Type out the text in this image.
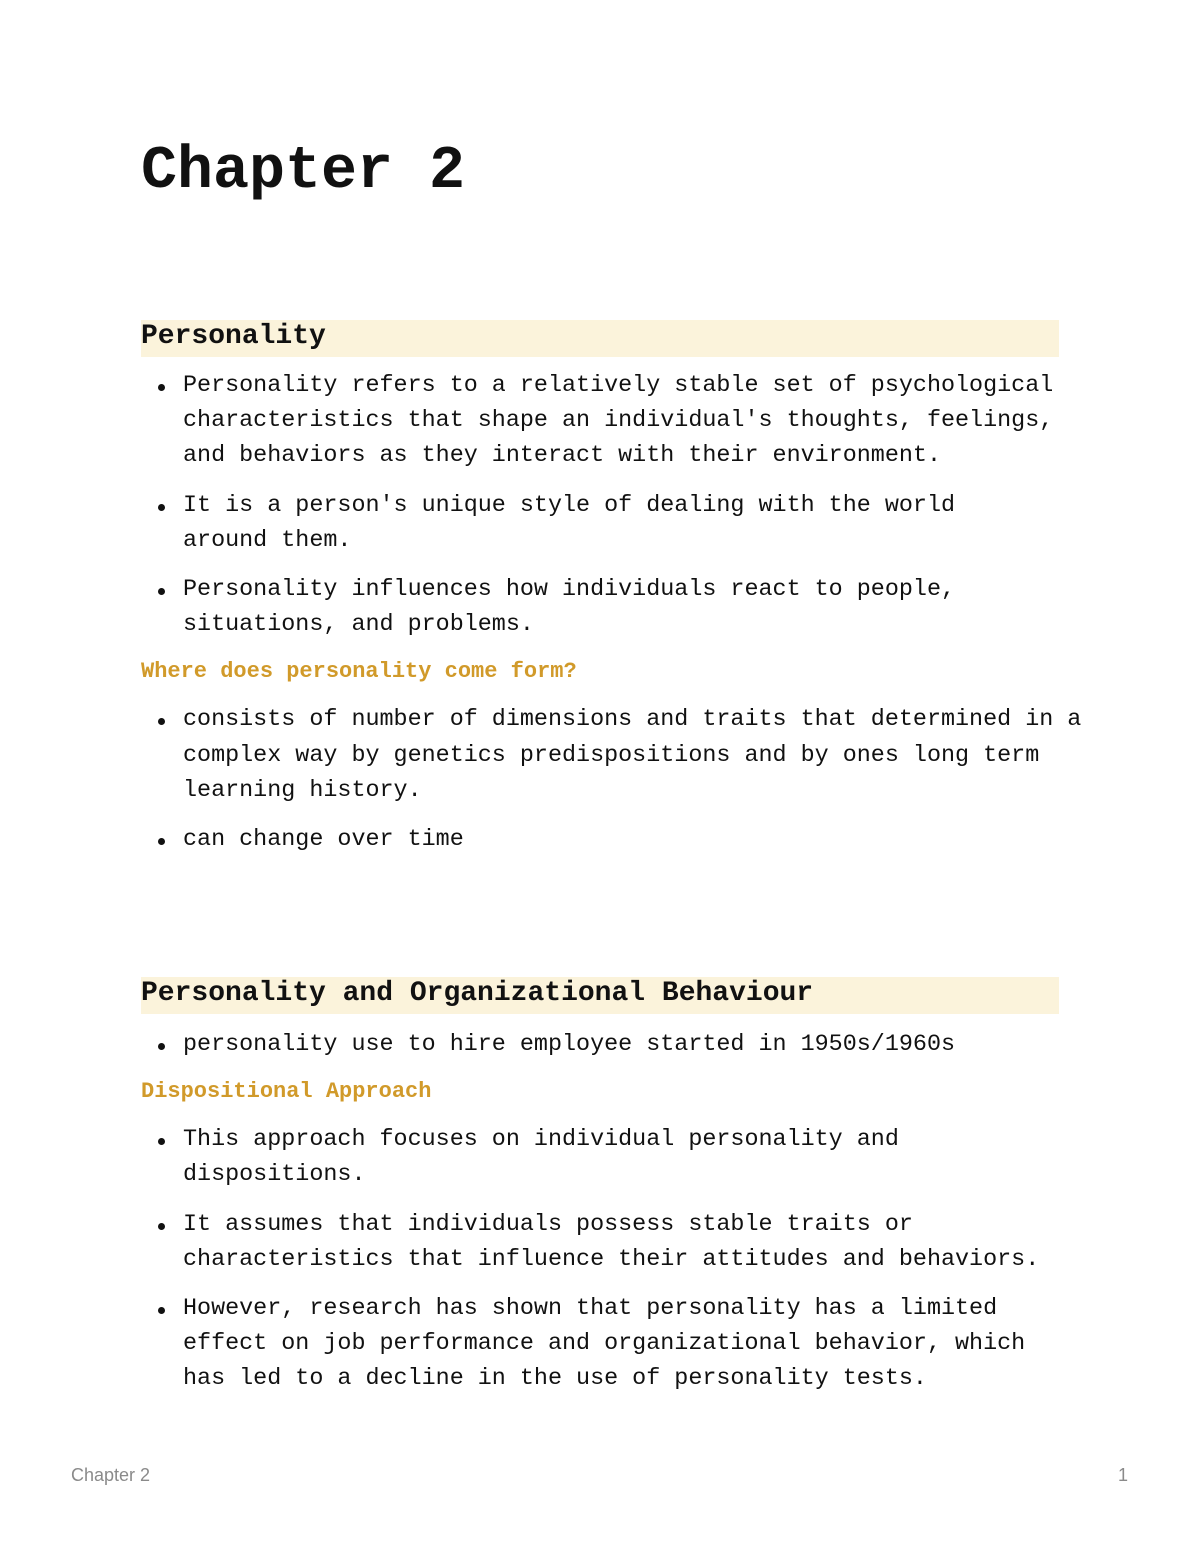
Chapter 2
Personality
Personality refers to a relatively stable set of psychological characteristics that shape an individual's thoughts, feelings, and behaviors as they interact with their environment.
It is a person's unique style of dealing with the world around them.
Personality influences how individuals react to people, situations, and problems.
Where does personality come form?
consists of number of dimensions and traits that determined in a complex way by genetics predispositions and by ones long term learning history.
can change over time
Personality and Organizational Behaviour
personality use to hire employee started in 1950s/1960s
Dispositional Approach
This approach focuses on individual personality and dispositions.
It assumes that individuals possess stable traits or characteristics that influence their attitudes and behaviors.
However, research has shown that personality has a limited effect on job performance and organizational behavior, which has led to a decline in the use of personality tests.
Chapter 2	1
